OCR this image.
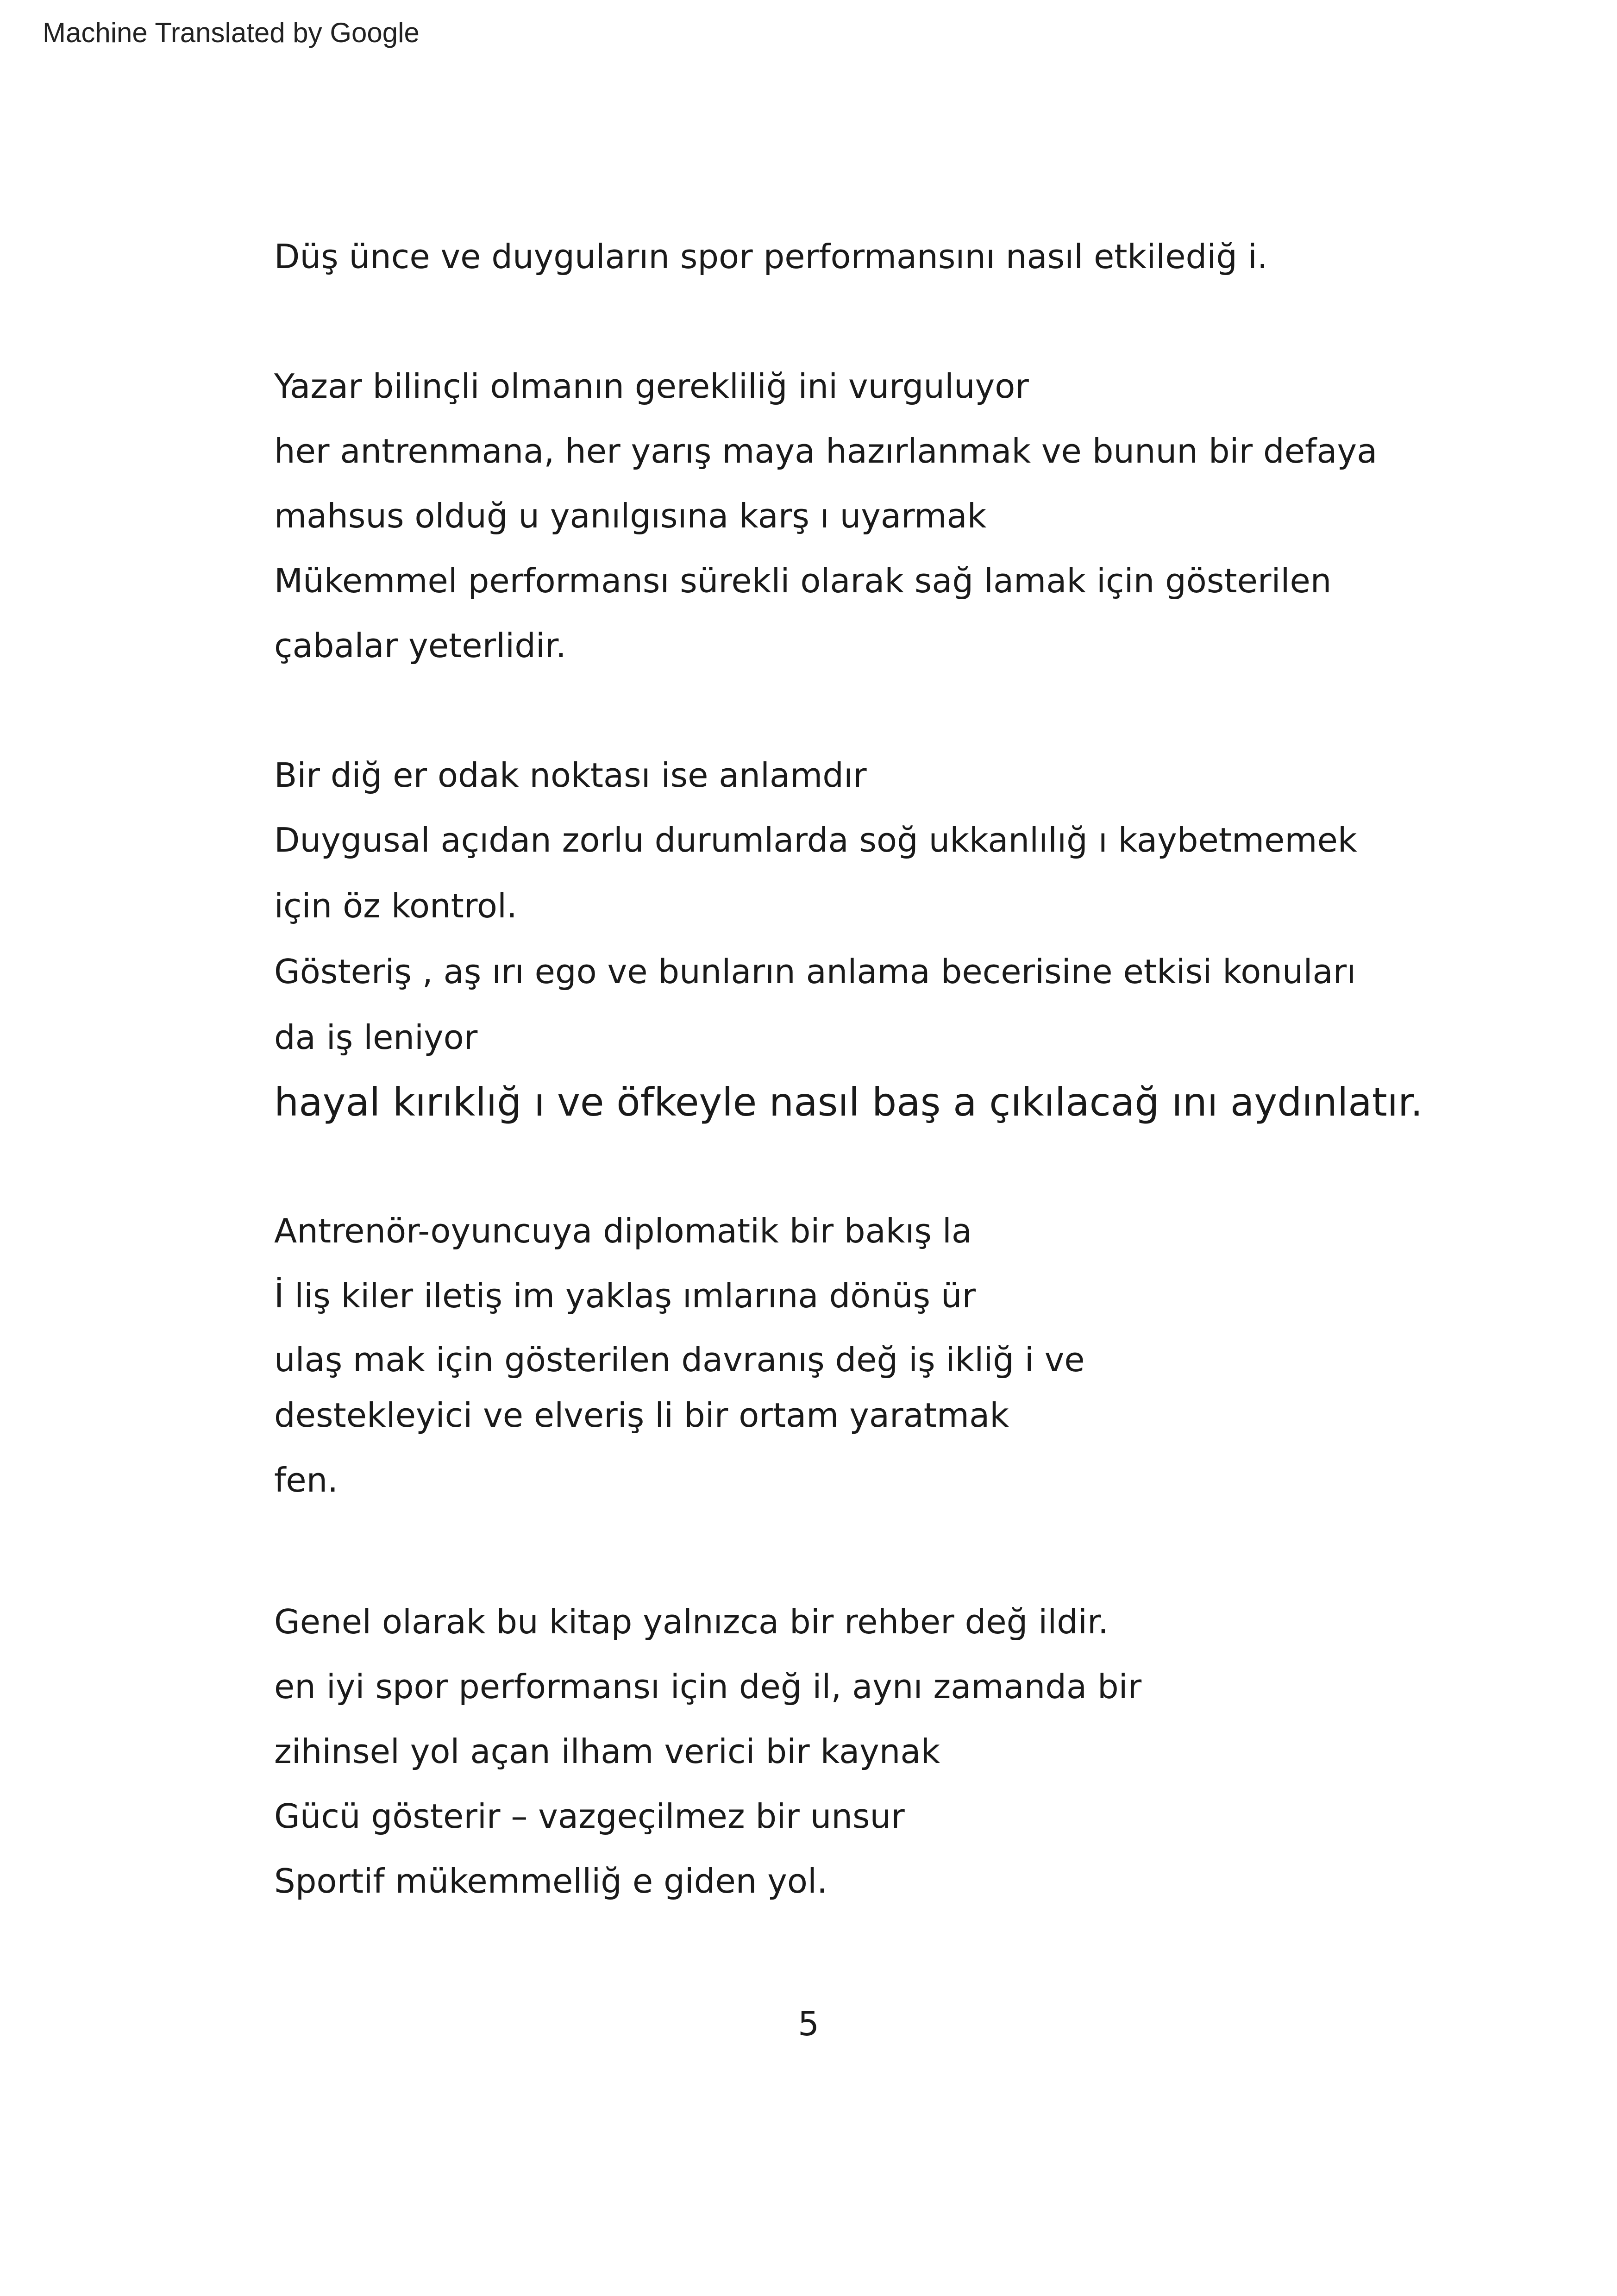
Machine Translated by Google
Düş ünce ve duyguların spor performansını nasıl etkilediğ i.
Yazar bilinçli olmanın gerekliliğ ini vurguluyor
her antrenmana, her yarış maya hazırlanmak ve bunun bir defaya
mahsus olduğ u yanılgısına karş ı uyarmak
Mükemmel performansı sürekli olarak sağ lamak için gösterilen
çabalar yeterlidir.
Bir diğ er odak noktası ise anlamdır
Duygusal açıdan zorlu durumlarda soğ ukkanlılığ ı kaybetmemek
için öz kontrol.
Gösteriş , aş ırı ego ve bunların anlama becerisine etkisi konuları
da iş leniyor
hayal kırıklığ ı ve öfkeyle nasıl baş a çıkılacağ ını aydınlatır.
Antrenör-oyuncuya diplomatik bir bakış la
İ liş kiler iletiş im yaklaş ımlarına dönüş ür
ulaş mak için gösterilen davranış değ iş ikliğ i ve
destekleyici ve elveriş li bir ortam yaratmak
fen.
Genel olarak bu kitap yalnızca bir rehber değ ildir.
en iyi spor performansı için değ il, aynı zamanda bir
zihinsel yol açan ilham verici bir kaynak
Gücü gösterir – vazgeçilmez bir unsur
Sportif mükemmelliğ e giden yol.
5
